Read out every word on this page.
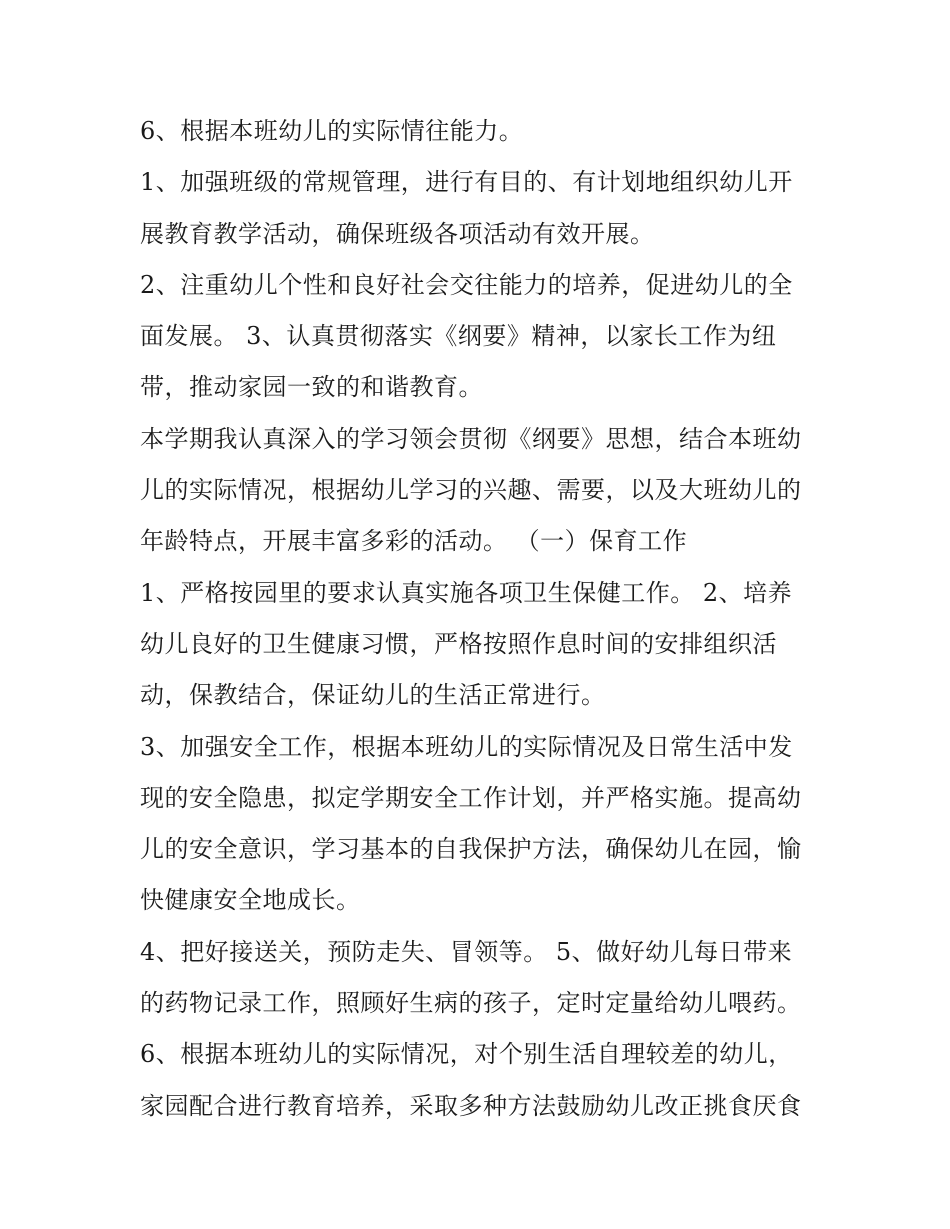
6、根据本班幼儿的实际情往能力。

1、加强班级的常规管理，进行有目的、有计划地组织幼儿开
展教育教学活动，确保班级各项活动有效开展。

2、注重幼儿个性和良好社会交往能力的培养，促进幼儿的全
面发展。 3、认真贯彻落实《纲要》精神，以家长工作为纽
带，推动家园一致的和谐教育。

本学期我认真深入的学习领会贯彻《纲要》思想，结合本班幼
儿的实际情况，根据幼儿学习的兴趣、需要，以及大班幼儿的
年龄特点，开展丰富多彩的活动。 （一）保育工作

1、严格按园里的要求认真实施各项卫生保健工作。 2、培养
幼儿良好的卫生健康习惯，严格按照作息时间的安排组织活
动，保教结合，保证幼儿的生活正常进行。

3、加强安全工作，根据本班幼儿的实际情况及日常生活中发
现的安全隐患，拟定学期安全工作计划，并严格实施。提高幼
儿的安全意识，学习基本的自我保护方法，确保幼儿在园，愉
快健康安全地成长。

4、把好接送关，预防走失、冒领等。 5、做好幼儿每日带来
的药物记录工作，照顾好生病的孩子，定时定量给幼儿喂药。

6、根据本班幼儿的实际情况，对个别生活自理较差的幼儿，
家园配合进行教育培养，采取多种方法鼓励幼儿改正挑食厌食
